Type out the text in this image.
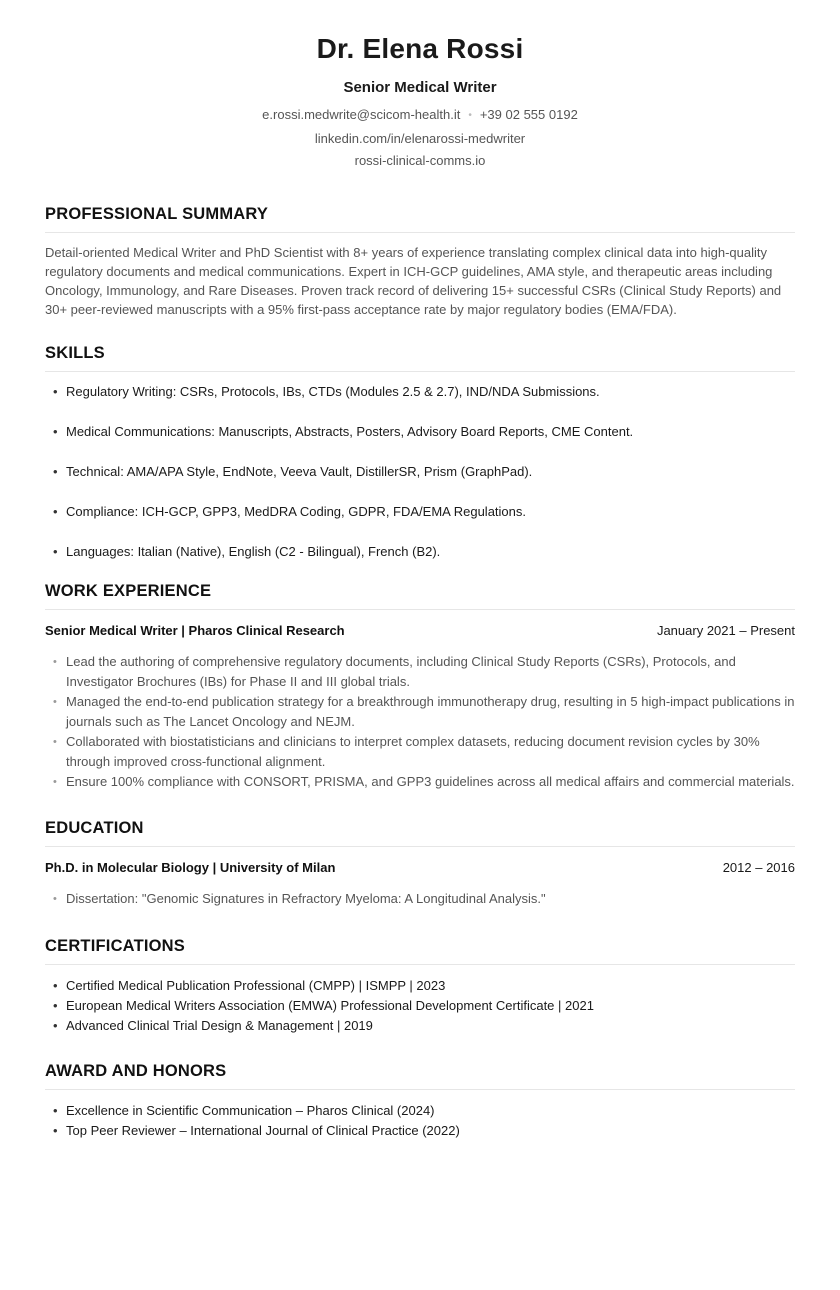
Dr. Elena Rossi
Senior Medical Writer
e.rossi.medwrite@scicom-health.it • +39 02 555 0192
linkedin.com/in/elenarossi-medwriter
rossi-clinical-comms.io
PROFESSIONAL SUMMARY
Detail-oriented Medical Writer and PhD Scientist with 8+ years of experience translating complex clinical data into high-quality regulatory documents and medical communications. Expert in ICH-GCP guidelines, AMA style, and therapeutic areas including Oncology, Immunology, and Rare Diseases. Proven track record of delivering 15+ successful CSRs (Clinical Study Reports) and 30+ peer-reviewed manuscripts with a 95% first-pass acceptance rate by major regulatory bodies (EMA/FDA).
SKILLS
• Regulatory Writing: CSRs, Protocols, IBs, CTDs (Modules 2.5 & 2.7), IND/NDA Submissions.
• Medical Communications: Manuscripts, Abstracts, Posters, Advisory Board Reports, CME Content.
• Technical: AMA/APA Style, EndNote, Veeva Vault, DistillerSR, Prism (GraphPad).
• Compliance: ICH-GCP, GPP3, MedDRA Coding, GDPR, FDA/EMA Regulations.
• Languages: Italian (Native), English (C2 - Bilingual), French (B2).
WORK EXPERIENCE
Senior Medical Writer | Pharos Clinical Research	January 2021 – Present
• Lead the authoring of comprehensive regulatory documents, including Clinical Study Reports (CSRs), Protocols, and Investigator Brochures (IBs) for Phase II and III global trials.
• Managed the end-to-end publication strategy for a breakthrough immunotherapy drug, resulting in 5 high-impact publications in journals such as The Lancet Oncology and NEJM.
• Collaborated with biostatisticians and clinicians to interpret complex datasets, reducing document revision cycles by 30% through improved cross-functional alignment.
• Ensure 100% compliance with CONSORT, PRISMA, and GPP3 guidelines across all medical affairs and commercial materials.
EDUCATION
Ph.D. in Molecular Biology | University of Milan	2012 – 2016
• Dissertation: "Genomic Signatures in Refractory Myeloma: A Longitudinal Analysis."
CERTIFICATIONS
• Certified Medical Publication Professional (CMPP) | ISMPP | 2023
• European Medical Writers Association (EMWA) Professional Development Certificate | 2021
• Advanced Clinical Trial Design & Management | 2019
AWARD AND HONORS
• Excellence in Scientific Communication – Pharos Clinical (2024)
• Top Peer Reviewer – International Journal of Clinical Practice (2022)
